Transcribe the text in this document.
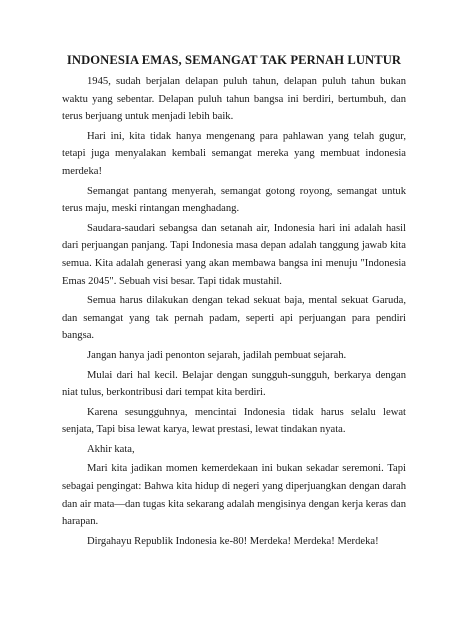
INDONESIA EMAS, SEMANGAT TAK PERNAH LUNTUR

1945, sudah berjalan delapan puluh tahun, delapan puluh tahun bukan waktu yang sebentar. Delapan puluh tahun bangsa ini berdiri, bertumbuh, dan terus berjuang untuk menjadi lebih baik.

Hari ini, kita tidak hanya mengenang para pahlawan yang telah gugur, tetapi juga menyalakan kembali semangat mereka yang membuat indonesia merdeka!

Semangat pantang menyerah, semangat gotong royong, semangat untuk terus maju, meski rintangan menghadang.

Saudara-saudari sebangsa dan setanah air, Indonesia hari ini adalah hasil dari perjuangan panjang. Tapi Indonesia masa depan adalah tanggung jawab kita semua. Kita adalah generasi yang akan membawa bangsa ini menuju "Indonesia Emas 2045". Sebuah visi besar. Tapi tidak mustahil.

Semua harus dilakukan dengan tekad sekuat baja, mental sekuat Garuda, dan semangat yang tak pernah padam, seperti api perjuangan para pendiri bangsa.

Jangan hanya jadi penonton sejarah, jadilah pembuat sejarah.

Mulai dari hal kecil. Belajar dengan sungguh-sungguh, berkarya dengan niat tulus, berkontribusi dari tempat kita berdiri.

Karena sesungguhnya, mencintai Indonesia tidak harus selalu lewat senjata, Tapi bisa lewat karya, lewat prestasi, lewat tindakan nyata.

Akhir kata,

Mari kita jadikan momen kemerdekaan ini bukan sekadar seremoni. Tapi sebagai pengingat: Bahwa kita hidup di negeri yang diperjuangkan dengan darah dan air mata—dan tugas kita sekarang adalah mengisinya dengan kerja keras dan harapan.

Dirgahayu Republik Indonesia ke-80! Merdeka! Merdeka! Merdeka!
